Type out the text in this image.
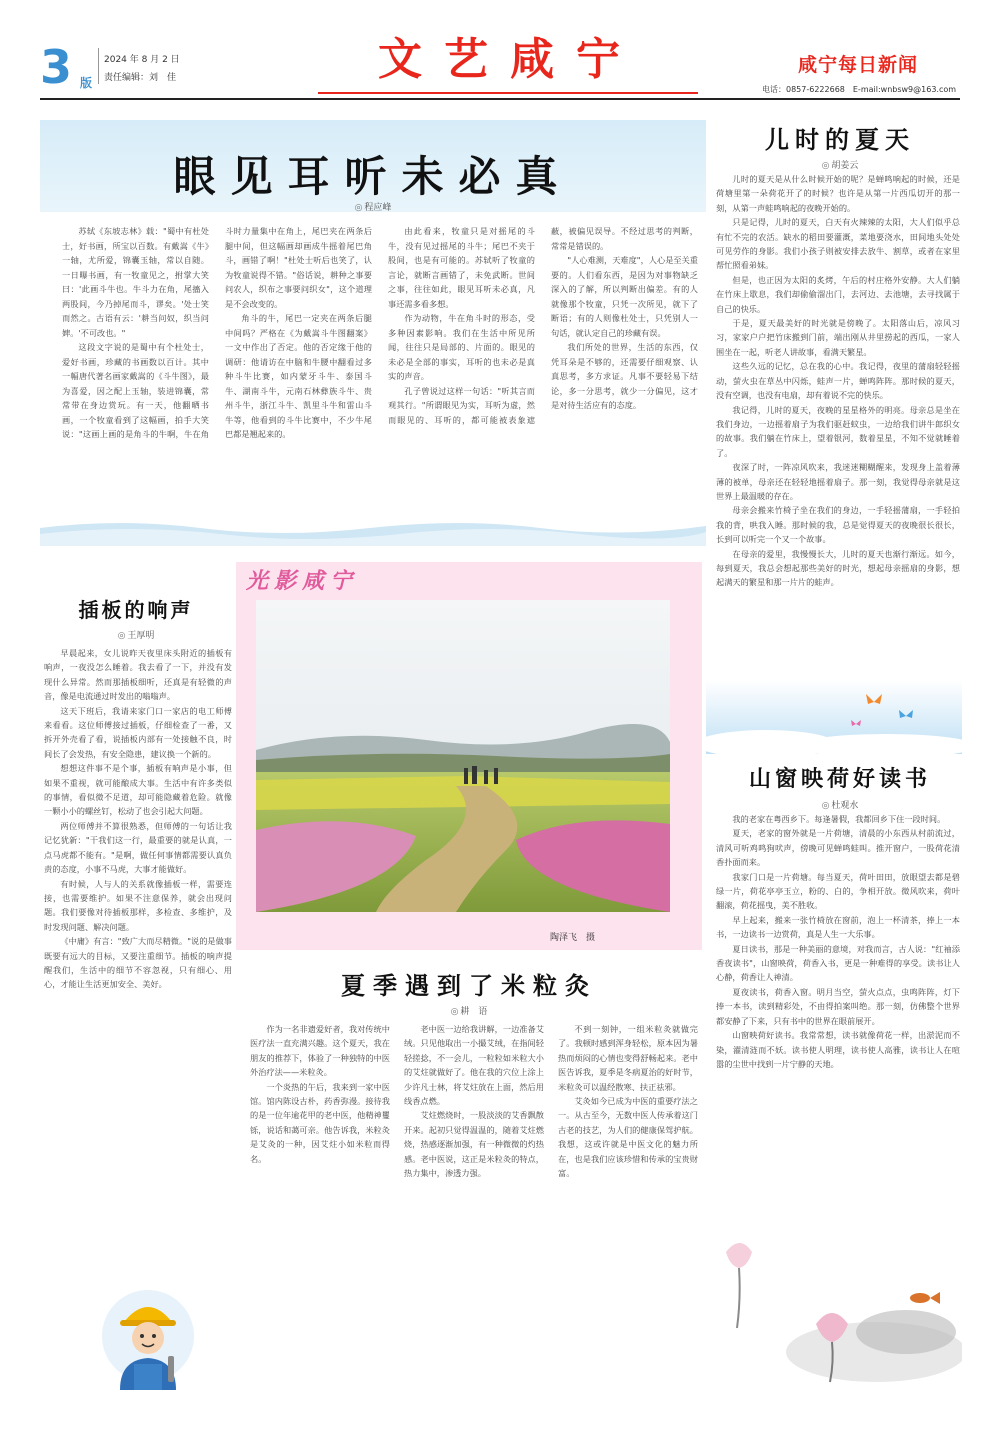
3 版
2024 年 8 月 2 日
责任编辑：刘　佳	文艺咸宁	咸宁每日新闻
电话：0857-6222668　E-mail:wnbsw9@163.com
眼见耳听未必真
◎ 程应峰

苏轼《东坡志林》载："蜀中有杜处士，好书画，所宝以百数。有戴嵩《牛》一轴，尤所爱，锦囊玉轴，常以自随。一日曝书画，有一牧童见之，拊掌大笑曰：'此画斗牛也。牛斗力在角，尾搐入两股间，今乃掉尾而斗，谬矣。'处士笑而然之。古语有云：'耕当问奴，织当问婢。'不可改也。"

这段文字说的是蜀中有个杜处士，爱好书画，珍藏的书画数以百计。其中一幅唐代著名画家戴嵩的《斗牛图》，最为喜爱，因之配上玉轴，装进锦囊，常常带在身边赏玩。有一天，他翻晒书画，一个牧童看到了这幅画，拍手大笑说："这画上画的是角斗的牛啊，牛在角斗时力量集中在角上，尾巴夹在两条后腿中间，但这幅画却画成牛摇着尾巴角斗，画错了啊！"杜处士听后也笑了，认为牧童说得不错。"俗话说，耕种之事要问农人，织布之事要问织女"，这个道理是不会改变的。

角斗的牛，尾巴一定夹在两条后腿中间吗？严格在《为戴嵩斗牛图翻案》一文中作出了否定。他的否定缘于他的调研：他请访在中脑和牛腰中翻看过多种斗牛比赛，如内蒙牙斗牛、泰国斗牛、湖南斗牛，元南石林彝族斗牛、贵州斗牛，浙江斗牛、凯里斗牛和雷山斗牛等，他看到的斗牛比赛中，不少牛尾巴都是翘起来的。

由此看来，牧童只是对摇尾的斗牛，没有见过摇尾的斗牛；尾巴不夹于股间，也是有可能的。苏轼听了牧童的言论，就断言画错了，未免武断。世间之事，往往如此，眼见耳听未必真，凡事还需多看多想。

作为动物，牛在角斗时的形态，受多种因素影响。我们在生活中所见所闻，往往只是局部的、片面的。眼见的未必是全部的事实，耳听的也未必是真实的声音。

孔子曾说过这样一句话："听其言而观其行。"所谓眼见为实，耳听为虚，然而眼见的、耳听的，都可能被表象遮蔽，被偏见误导。不经过思考的判断，常常是错误的。

"人心难测，天难度"，人心是至关重要的。人们看东西，是因为对事物缺乏深入的了解，所以判断出偏差。有的人就像那个牧童，只凭一次所见，就下了断语；有的人则像杜处士，只凭别人一句话，就认定自己的珍藏有误。

我们所处的世界，生活的东西，仅凭耳朵是不够的，还需要仔细观察、认真思考，多方求证。凡事不要轻易下结论，多一分思考，就少一分偏见，这才是对待生活应有的态度。

儿时的夏天
◎ 胡姜云

儿时的夏天是从什么时候开始的呢？是蝉鸣响起的时候，还是荷塘里第一朵荷花开了的时候？也许是从第一片西瓜切开的那一刻，从第一声蛙鸣响起的夜晚开始的。

只是记得，儿时的夏天，白天有火辣辣的太阳，大人们似乎总有忙不完的农活。缺水的稻田要灌溉，菜地要浇水，田间地头处处可见劳作的身影。我们小孩子则被安排去放牛、割草，或者在家里帮忙照看弟妹。

但是，也正因为太阳的炙烤，午后的村庄格外安静。大人们躺在竹床上歇息，我们却偷偷溜出门，去河边、去池塘，去寻找属于自己的快乐。

于是，夏天最美好的时光就是傍晚了。太阳落山后，凉风习习，家家户户把竹床搬到门前，端出刚从井里捞起的西瓜，一家人围坐在一起，听老人讲故事，看满天繁星。

这些久远的记忆，总在我的心中。我记得，夜里的蒲扇轻轻摇动，萤火虫在草丛中闪烁，蛙声一片，蝉鸣阵阵。那时候的夏天，没有空调，也没有电扇，却有着说不完的快乐。

我记得，儿时的夏天，夜晚的星星格外的明亮。母亲总是坐在我们身边，一边摇着扇子为我们驱赶蚊虫，一边给我们讲牛郎织女的故事。我们躺在竹床上，望着银河，数着星星，不知不觉就睡着了。

夜深了时，一阵凉风吹来，我迷迷糊糊醒来，发现身上盖着薄薄的被单，母亲还在轻轻地摇着扇子。那一刻，我觉得母亲就是这世界上最温暖的存在。

母亲会搬来竹椅子坐在我们的身边，一手轻摇蒲扇，一手轻拍我的背，哄我入睡。那时候的我，总是觉得夏天的夜晚很长很长，长到可以听完一个又一个故事。

在母亲的爱里，我慢慢长大，儿时的夏天也渐行渐远。如今，每到夏天，我总会想起那些美好的时光，想起母亲摇扇的身影，想起满天的繁星和那一片片的蛙声。

山窗映荷好读书
◎ 杜观水

我的老家在粤西乡下。每逢暑假，我都回乡下住一段时间。

夏天，老家的窗外就是一片荷塘，清晨的小东西从村前流过，清风可听鸡鸣狗吠声，傍晚可见蝉鸣蛙叫。推开窗户，一股荷花清香扑面而来。

我家门口是一片荷塘。每当夏天，荷叶田田，放眼望去都是碧绿一片，荷花亭亭玉立，粉的、白的，争相开放。微风吹来，荷叶翻滚，荷花摇曳，美不胜收。

早上起来，搬来一张竹椅放在窗前，泡上一杯清茶，捧上一本书，一边读书一边赏荷，真是人生一大乐事。

夏日读书，那是一种美丽的意境，对我而言，古人说："红袖添香夜读书"，山窗映荷，荷香入书，更是一种难得的享受。读书让人心静，荷香让人神清。

夏夜读书，荷香入窗。明月当空，萤火点点，虫鸣阵阵，灯下捧一本书，读到精彩处，不由得拍案叫绝。那一刻，仿佛整个世界都安静了下来，只有书中的世界在眼前展开。

山窗映荷好读书。我常常想，读书就像荷花一样，出淤泥而不染，濯清涟而不妖。读书使人明理，读书使人高雅，读书让人在喧嚣的尘世中找到一片宁静的天地。

插板的响声
◎ 王厚明

早晨起来，女儿说昨天夜里床头附近的插板有响声，一夜没怎么睡着。我去看了一下，并没有发现什么异常。然而那插板细听，还真是有轻微的声音，像是电流通过时发出的嗡嗡声。

这天下班后，我请来家门口一家店的电工师傅来看看。这位师傅接过插板，仔细检查了一番，又拆开外壳看了看，说插板内部有一处接触不良，时间长了会发热，有安全隐患，建议换一个新的。

想想这件事不是个事，插板有响声是小事，但如果不重视，就可能酿成大事。生活中有许多类似的事情，看似微不足道，却可能隐藏着危险。就像一颗小小的螺丝钉，松动了也会引起大问题。

两位师傅并不算很熟悉，但师傅的一句话让我记忆犹新："干我们这一行，最重要的就是认真，一点马虎都不能有。"是啊，做任何事情都需要认真负责的态度，小事不马虎，大事才能做好。

有时候，人与人的关系就像插板一样，需要连接，也需要维护。如果不注意保养，就会出现问题。我们要像对待插板那样，多检查、多维护，及时发现问题、解决问题。

《中庸》有言："致广大而尽精微。"说的是做事既要有远大的目标，又要注重细节。插板的响声提醒我们，生活中的细节不容忽视，只有细心、用心，才能让生活更加安全、美好。

光影咸宁
陶泽飞　摄
夏季遇到了米粒灸
◎ 耕　语

作为一名非遗爱好者，我对传统中医疗法一直充满兴趣。这个夏天，我在朋友的推荐下，体验了一种独特的中医外治疗法——米粒灸。

一个炎热的午后，我来到一家中医馆。馆内陈设古朴，药香弥漫。接待我的是一位年逾花甲的老中医，他精神矍铄，说话和蔼可亲。他告诉我，米粒灸是艾灸的一种，因艾炷小如米粒而得名。

老中医一边给我讲解，一边准备艾绒。只见他取出一小撮艾绒，在指间轻轻搓捻，不一会儿，一粒粒如米粒大小的艾炷就做好了。他在我的穴位上涂上少许凡士林，将艾炷放在上面，然后用线香点燃。

艾炷燃烧时，一股淡淡的艾香飘散开来。起初只觉得温温的，随着艾炷燃烧，热感逐渐加强，有一种微微的灼热感。老中医说，这正是米粒灸的特点，热力集中，渗透力强。

不到一刻钟，一组米粒灸就做完了。我顿时感到浑身轻松，原本因为暑热而烦闷的心情也变得舒畅起来。老中医告诉我，夏季是冬病夏治的好时节，米粒灸可以温经散寒、扶正祛邪。

艾灸如今已成为中医的重要疗法之一。从古至今，无数中医人传承着这门古老的技艺，为人们的健康保驾护航。我想，这或许就是中医文化的魅力所在，也是我们应该珍惜和传承的宝贵财富。
